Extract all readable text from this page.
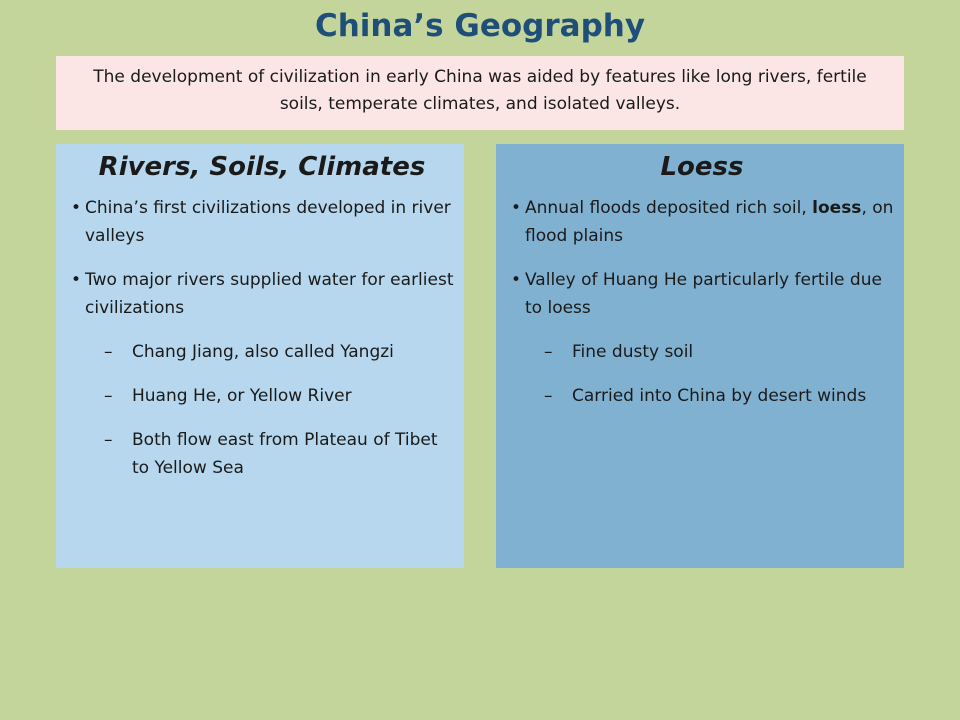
China’s Geography
The development of civilization in early China was aided by features like long rivers, fertile soils, temperate climates, and isolated valleys.
Rivers, Soils, Climates
• China’s first civilizations developed in river valleys
• Two major rivers supplied water for earliest civilizations
– Chang Jiang, also called Yangzi
– Huang He, or Yellow River
– Both flow east from Plateau of Tibet to Yellow Sea
Loess
• Annual floods deposited rich soil, loess, on flood plains
• Valley of Huang He particularly fertile due to loess
– Fine dusty soil
– Carried into China by desert winds
